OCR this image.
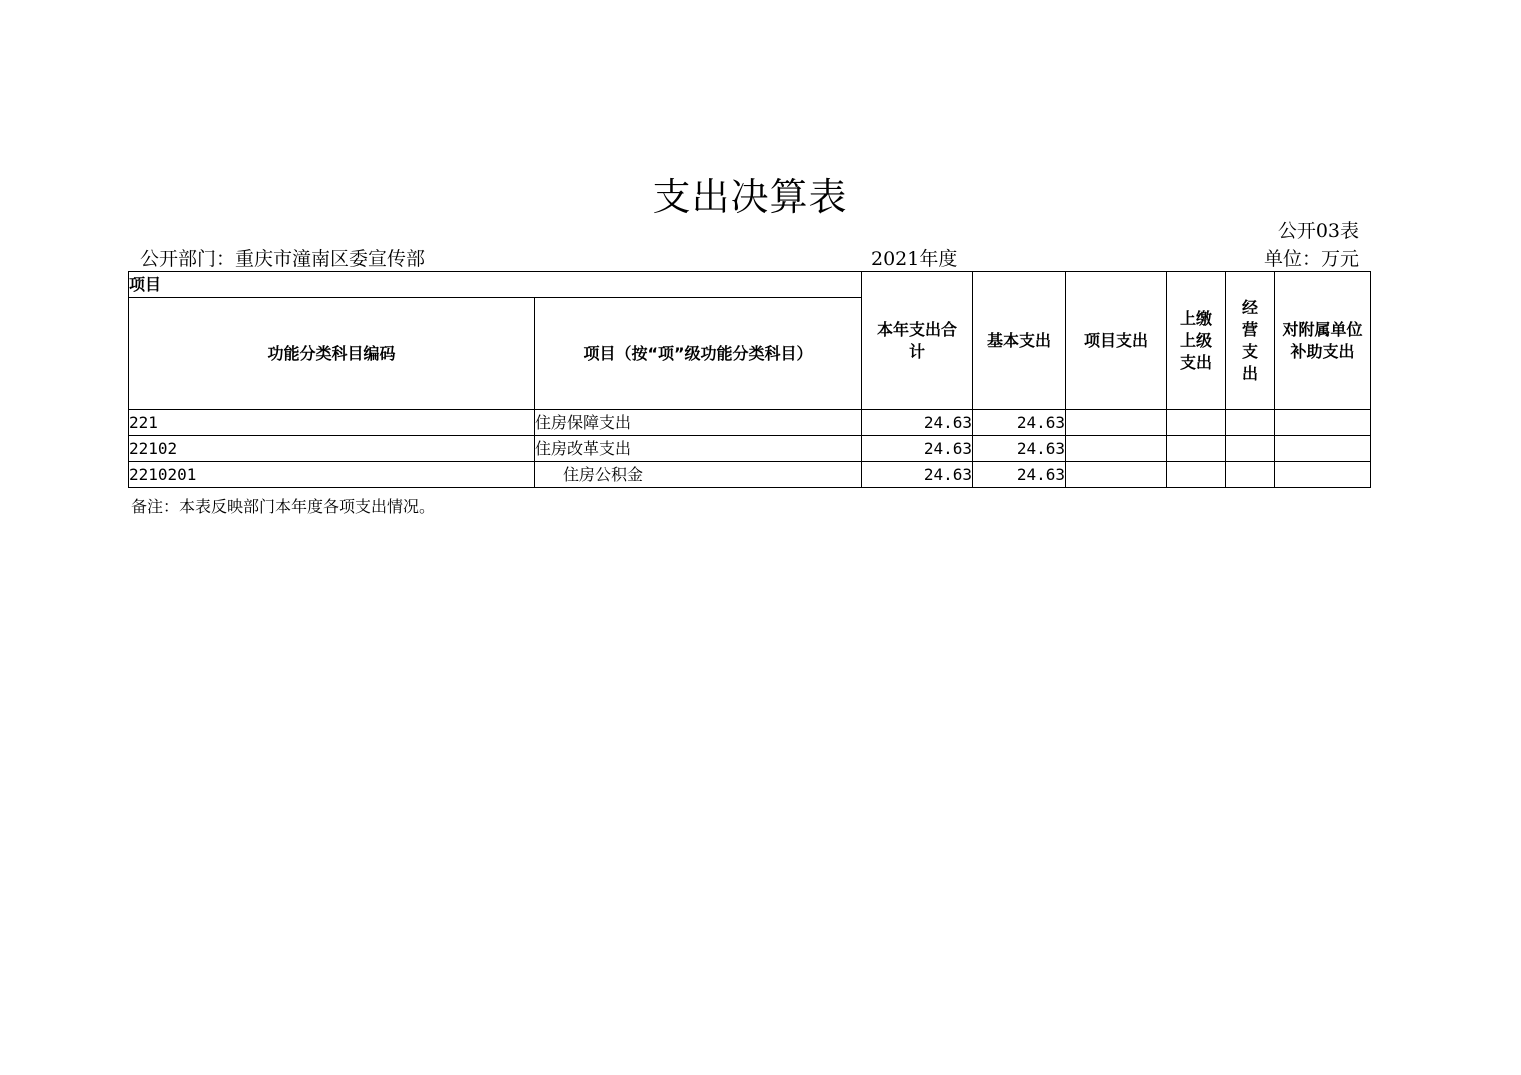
支出决算表
公开03表
公开部门：重庆市潼南区委宣传部	2021年度	单位：万元
项目		本年支出合计	基本支出	项目支出	上缴上级支出	经营支出	对附属单位补助支出

功能分类科目编码	项目（按“项”级功能分类科目）						
221	住房保障支出	24.63	24.63				
22102	住房改革支出	24.63	24.63				
2210201	住房公积金	24.63	24.63				
备注：本表反映部门本年度各项支出情况。
